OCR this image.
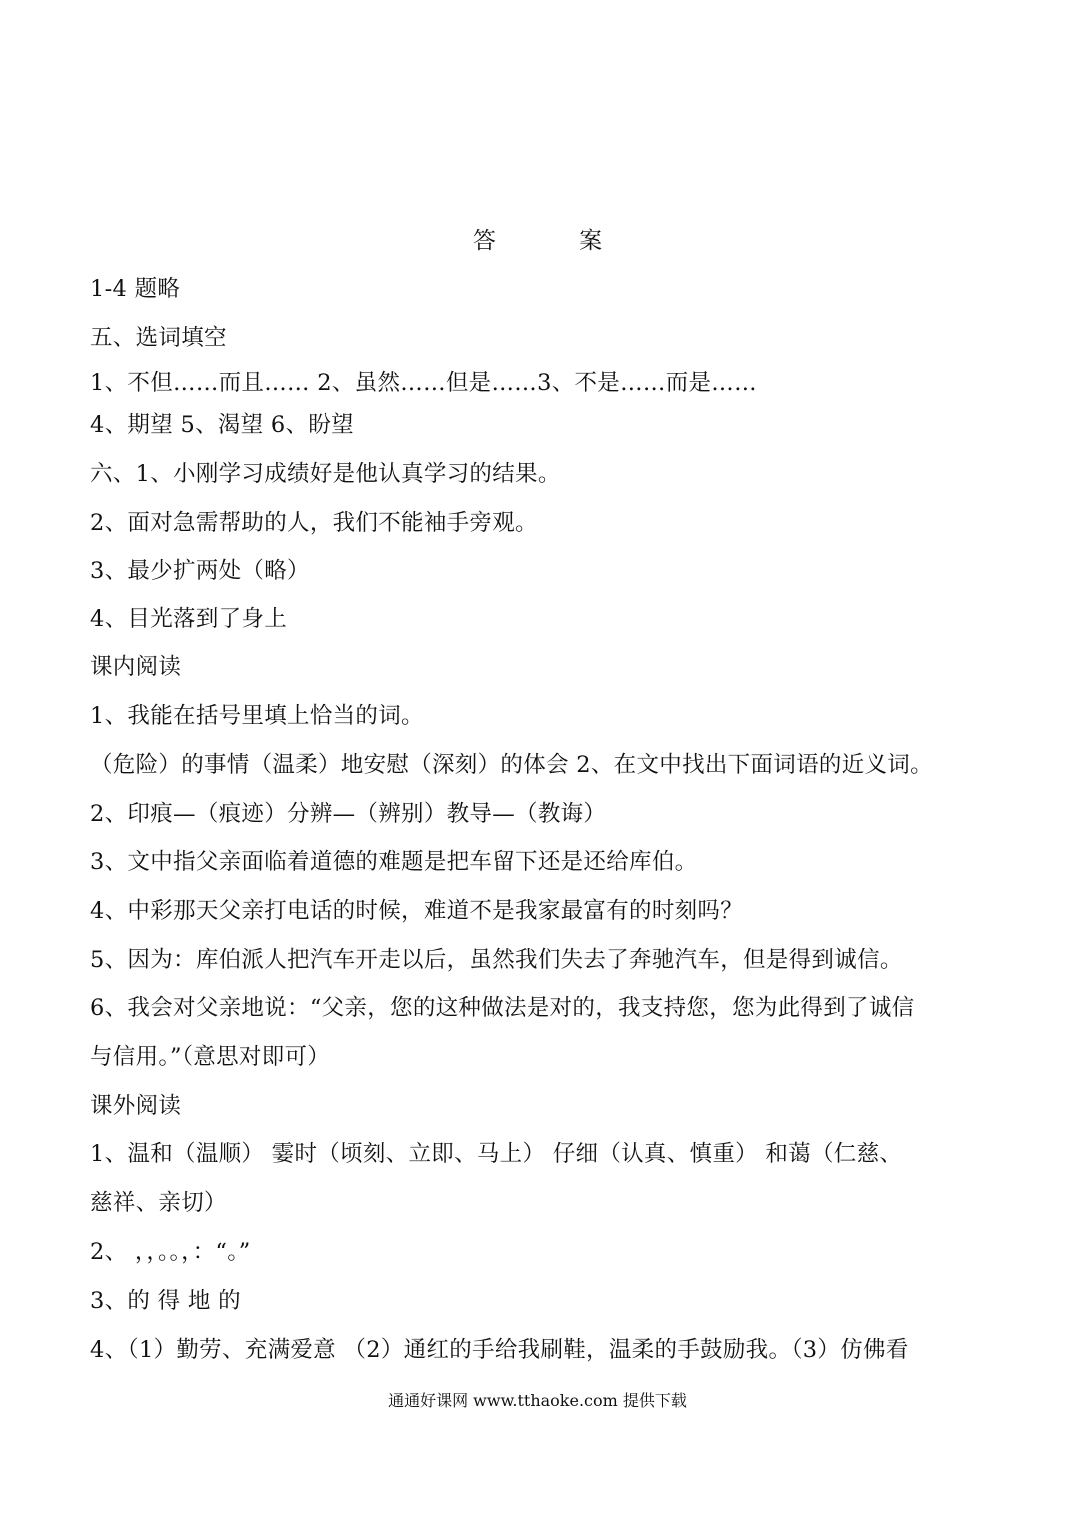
答 案
1-4 题略
五、选词填空
1、不但……而且…… 2、虽然……但是……3、不是……而是……
4、期望 5、渴望 6、盼望
六、1、小刚学习成绩好是他认真学习的结果。
2、面对急需帮助的人，我们不能袖手旁观。
3、最少扩两处（略）
4、目光落到了身上
课内阅读
1、我能在括号里填上恰当的词。
（危险）的事情（温柔）地安慰（深刻）的体会 2、在文中找出下面词语的近义词。
2、印痕—（痕迹）分辨—（辨别）教导—（教诲）
3、文中指父亲面临着道德的难题是把车留下还是还给库伯。
4、中彩那天父亲打电话的时候，难道不是我家最富有的时刻吗？
5、因为：库伯派人把汽车开走以后，虽然我们失去了奔驰汽车，但是得到诚信。
6、我会对父亲地说：“父亲，您的这种做法是对的，我支持您，您为此得到了诚信
与信用。”（意思对即可）
课外阅读
1、温和（温顺） 霎时（顷刻、立即、马上） 仔细（认真、慎重） 和蔼（仁慈、
慈祥、亲切）
2、 ，，。。，：“。”
3、的 得 地 的
4、（1）勤劳、充满爱意 （2）通红的手给我刷鞋，温柔的手鼓励我。（3）仿佛看
通通好课网 www.tthaoke.com 提供下载
